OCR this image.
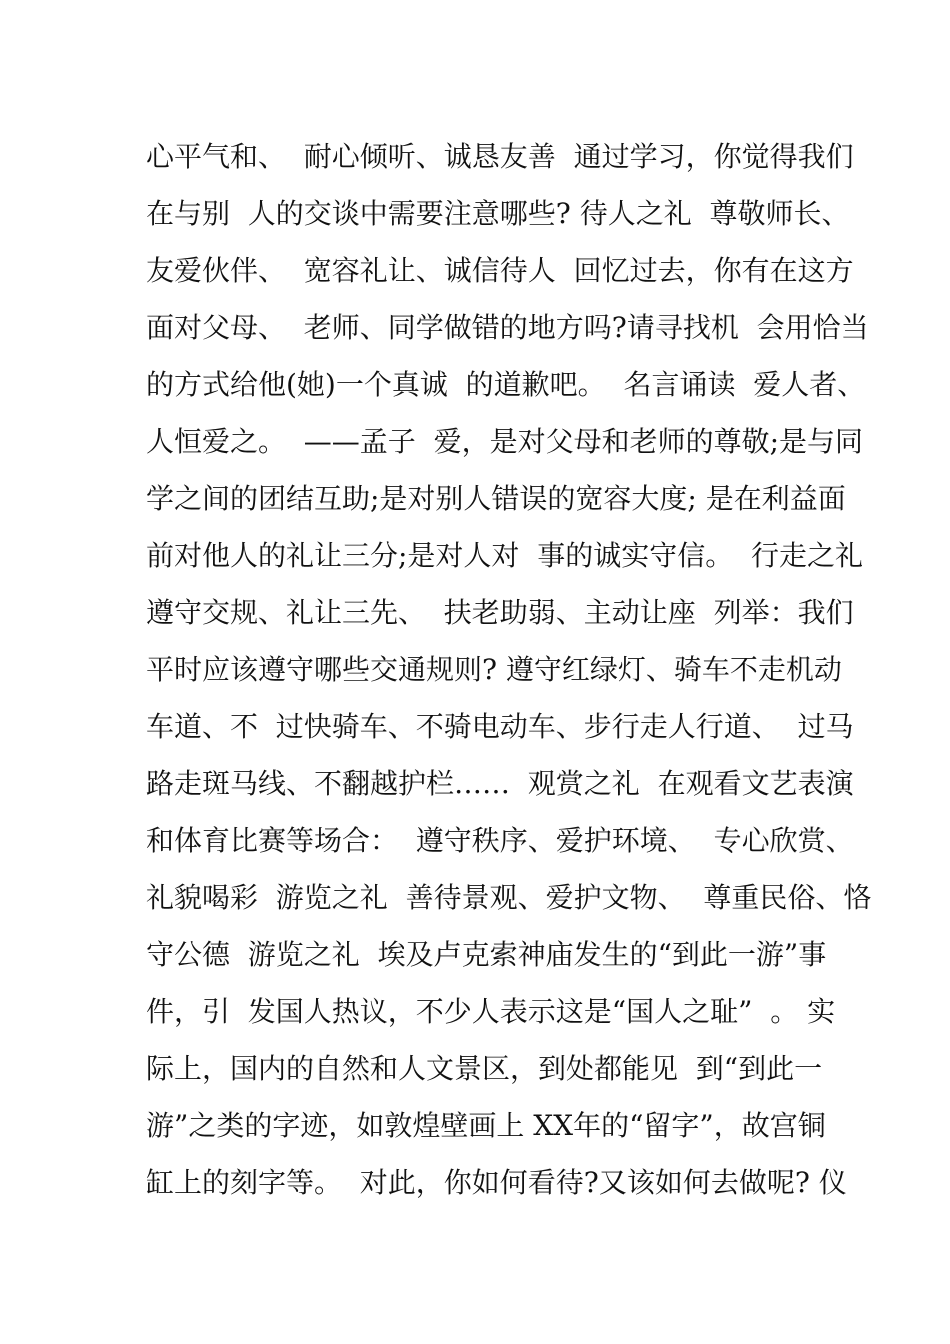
心平气和、  耐心倾听、诚恳友善  通过学习，你觉得我们
在与别  人的交谈中需要注意哪些? 待人之礼  尊敬师长、
友爱伙伴、  宽容礼让、诚信待人  回忆过去，你有在这方
面对父母、  老师、同学做错的地方吗?请寻找机  会用恰当
的方式给他(她)一个真诚  的道歉吧。  名言诵读  爱人者、
人恒爱之。  ——孟子  爱，是对父母和老师的尊敬;是与同
学之间的团结互助;是对别人错误的宽容大度; 是在利益面
前对他人的礼让三分;是对人对  事的诚实守信。  行走之礼
遵守交规、礼让三先、  扶老助弱、主动让座  列举：我们
平时应该遵守哪些交通规则? 遵守红绿灯、骑车不走机动
车道、不  过快骑车、不骑电动车、步行走人行道、  过马
路走斑马线、不翻越护栏……  观赏之礼  在观看文艺表演
和体育比赛等场合：  遵守秩序、爱护环境、  专心欣赏、
礼貌喝彩  游览之礼  善待景观、爱护文物、  尊重民俗、恪
守公德  游览之礼  埃及卢克索神庙发生的“到此一游”事
件，引  发国人热议，不少人表示这是“国人之耻”  。 实
际上，国内的自然和人文景区，到处都能见  到“到此一
游”之类的字迹，如敦煌壁画上 XX年的“留字”，故宫铜
缸上的刻字等。  对此，你如何看待?又该如何去做呢? 仪
